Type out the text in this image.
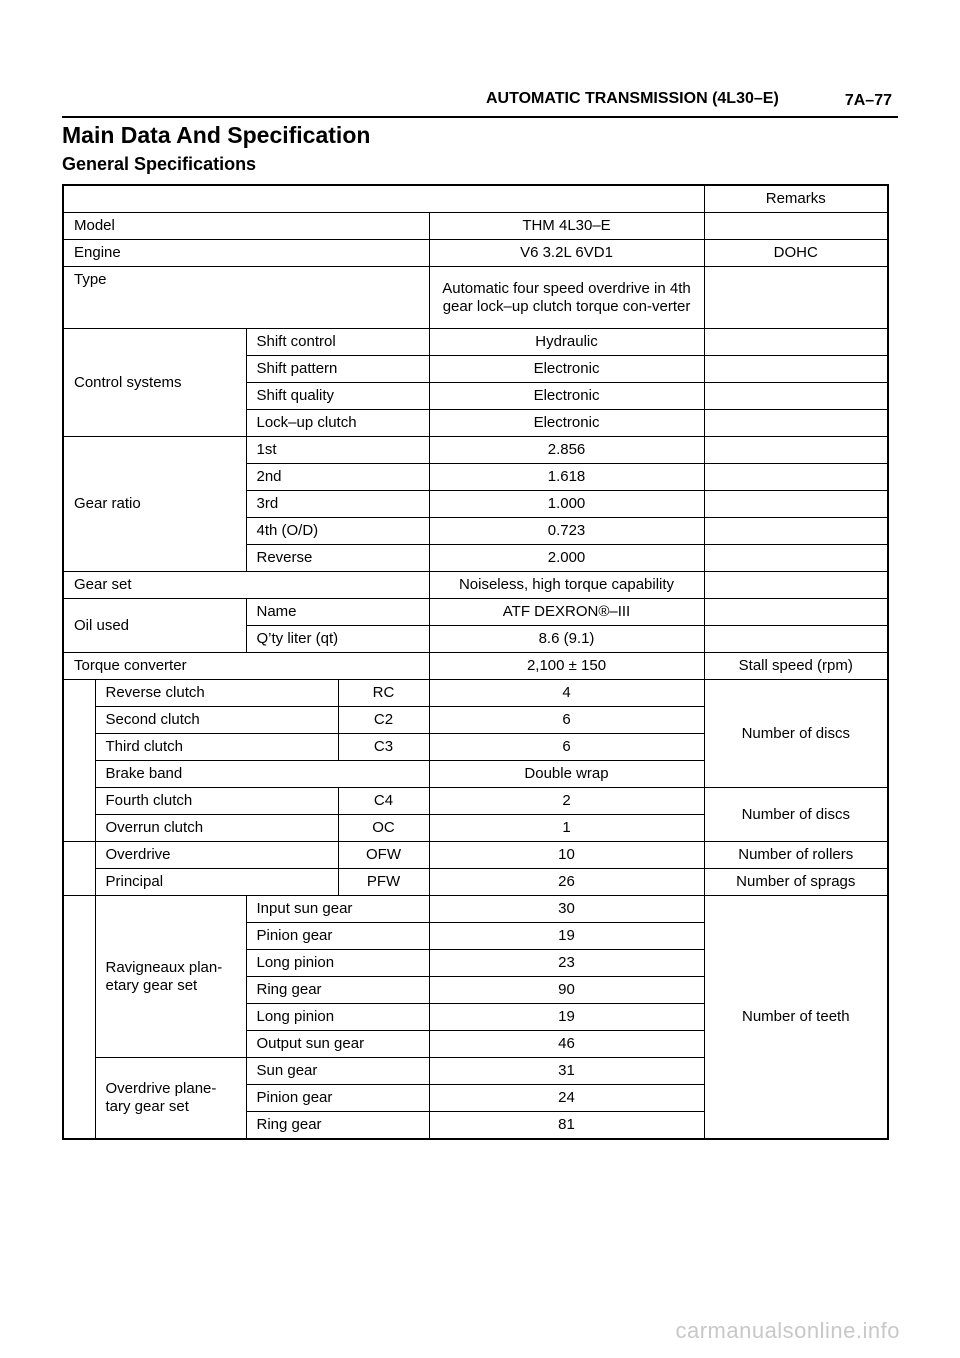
AUTOMATIC TRANSMISSION (4L30–E)	7A–77
Main Data And Specification
General Specifications
					Remarks
Model				THM 4L30–E	
Engine				V6 3.2L 6VD1	DOHC
Type				Automatic four speed overdrive in 4th gear lock–up clutch torque con-verter	
Control systems		Shift control		Hydraulic	
		Shift pattern		Electronic	
		Shift quality		Electronic	
		Lock–up clutch		Electronic	
Gear ratio		1st		2.856	
		2nd		1.618	
		3rd		1.000	
		4th (O/D)		0.723	
		Reverse		2.000	
Gear set				Noiseless, high torque capability	
Oil used		Name		ATF DEXRON®–III	
		Q’ty liter (qt)		8.6 (9.1)	
Torque converter				2,100 ± 150	Stall speed (rpm)
	Reverse clutch		RC	4	Number of discs
	Second clutch		C2	6	
	Third clutch		C3	6	
	Brake band			Double wrap	
	Fourth clutch		C4	2	Number of discs
	Overrun clutch		OC	1	
	Overdrive		OFW	10	Number of rollers
	Principal		PFW	26	Number of sprags
	Ravigneaux plan-etary gear set	Input sun gear		30	Number of teeth
		Pinion gear		19	
		Long pinion		23	
		Ring gear		90	
		Long pinion		19	
		Output sun gear		46	
	Overdrive plane-tary gear set	Sun gear		31	
		Pinion gear		24	
		Ring gear		81	
carmanualsonline.info
